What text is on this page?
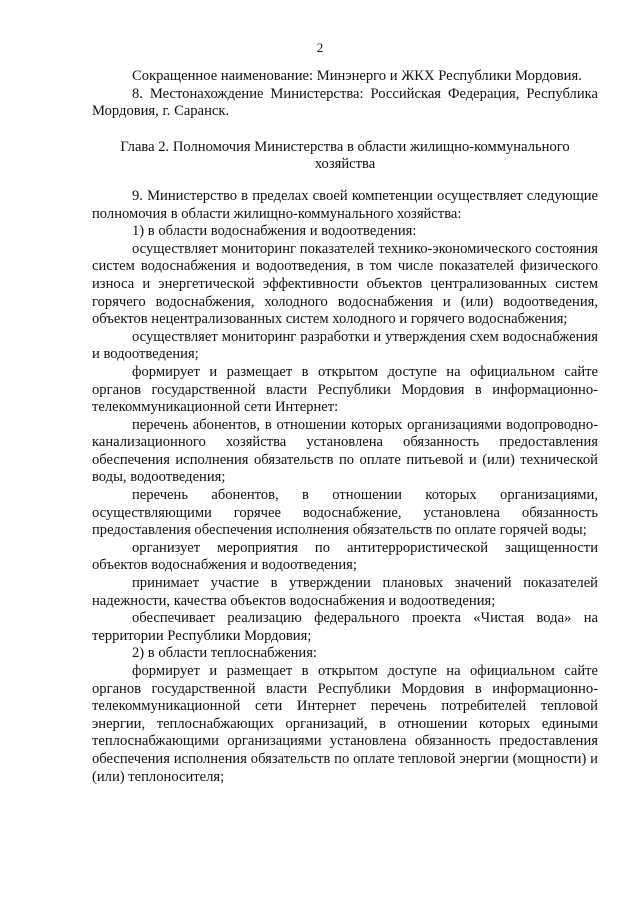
2

Сокращенное наименование: Минэнерго и ЖКХ Республики Мордовия.

8. Местонахождение Министерства: Российская Федерация, Республика Мордовия, г. Саранск.

Глава 2. Полномочия Министерства в области жилищно-коммунального хозяйства

9. Министерство в пределах своей компетенции осуществляет следующие полномочия в области жилищно-коммунального хозяйства:

1) в области водоснабжения и водоотведения:

осуществляет мониторинг показателей технико-экономического состояния систем водоснабжения и водоотведения, в том числе показателей физического износа и энергетической эффективности объектов централизованных систем горячего водоснабжения, холодного водоснабжения и (или) водоотведения, объектов нецентрализованных систем холодного и горячего водоснабжения;

осуществляет мониторинг разработки и утверждения схем водоснабжения и водоотведения;

формирует и размещает в открытом доступе на официальном сайте органов государственной власти Республики Мордовия в информационно-телекоммуникационной сети Интернет:

перечень абонентов, в отношении которых организациями водопроводно-канализационного хозяйства установлена обязанность предоставления обеспечения исполнения обязательств по оплате питьевой и (или) технической воды, водоотведения;

перечень абонентов, в отношении которых организациями, осуществляющими горячее водоснабжение, установлена обязанность предоставления обеспечения исполнения обязательств по оплате горячей воды;

организует мероприятия по антитеррористической защищенности объектов водоснабжения и водоотведения;

принимает участие в утверждении плановых значений показателей надежности, качества объектов водоснабжения и водоотведения;

обеспечивает реализацию федерального проекта «Чистая вода» на территории Республики Мордовия;

2) в области теплоснабжения:

формирует и размещает в открытом доступе на официальном сайте органов государственной власти Республики Мордовия в информационно-телекоммуникационной сети Интернет перечень потребителей тепловой энергии, теплоснабжающих организаций, в отношении которых едиными теплоснабжающими организациями установлена обязанность предоставления обеспечения исполнения обязательств по оплате тепловой энергии (мощности) и (или) теплоносителя;
